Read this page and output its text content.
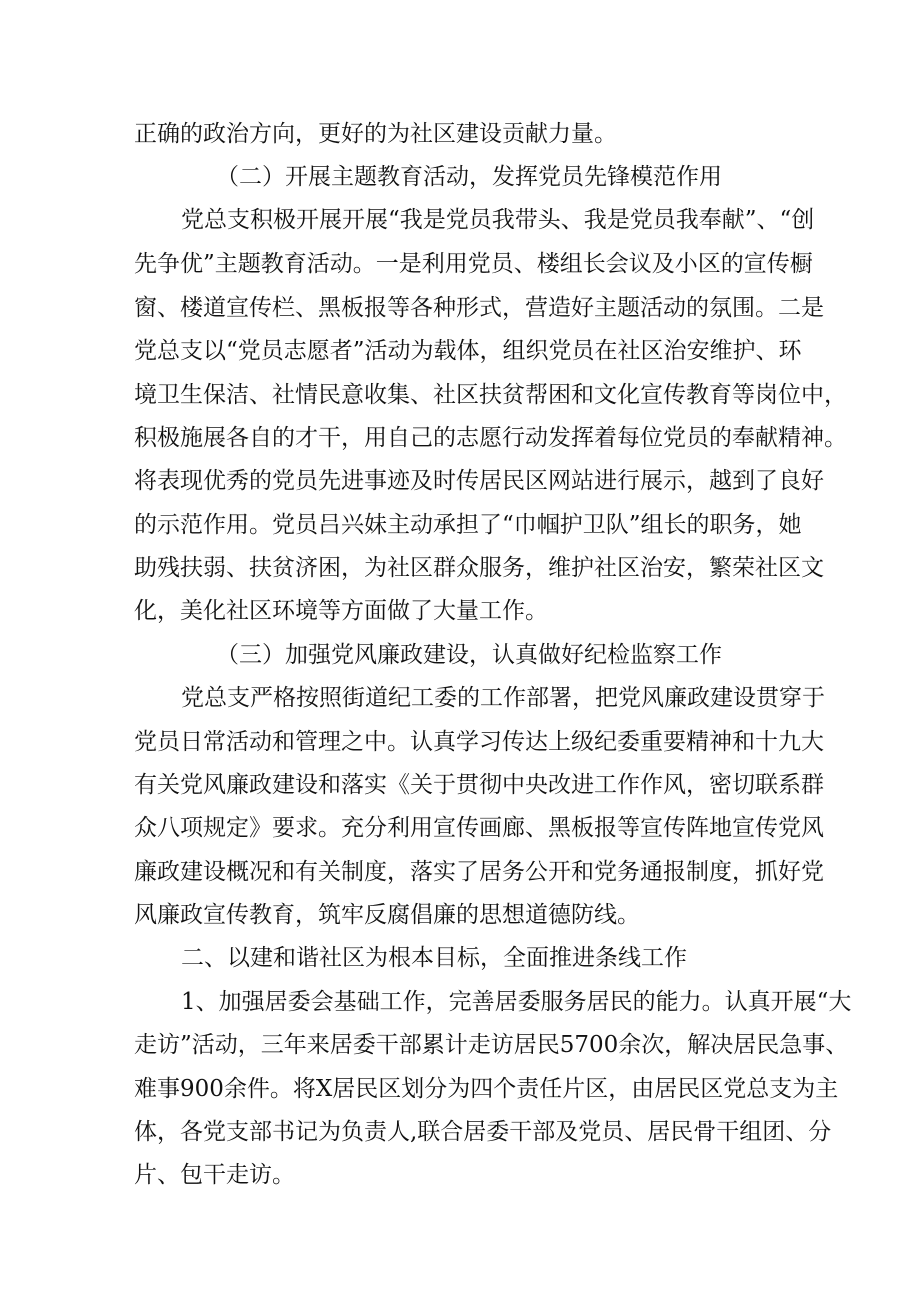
正确的政治方向，更好的为社区建设贡献力量。
（二）开展主题教育活动，发挥党员先锋模范作用
党总支积极开展开展“我是党员我带头、我是党员我奉献”、“创
先争优”主题教育活动。一是利用党员、楼组长会议及小区的宣传橱
窗、楼道宣传栏、黑板报等各种形式，营造好主题活动的氛围。二是
党总支以“党员志愿者”活动为载体，组织党员在社区治安维护、环
境卫生保洁、社情民意收集、社区扶贫帮困和文化宣传教育等岗位中，
积极施展各自的才干，用自己的志愿行动发挥着每位党员的奉献精神。
将表现优秀的党员先进事迹及时传居民区网站进行展示，越到了良好
的示范作用。党员吕兴妹主动承担了“巾帼护卫队”组长的职务，她
助残扶弱、扶贫济困，为社区群众服务，维护社区治安，繁荣社区文
化，美化社区环境等方面做了大量工作。
（三）加强党风廉政建设，认真做好纪检监察工作
党总支严格按照街道纪工委的工作部署，把党风廉政建设贯穿于
党员日常活动和管理之中。认真学习传达上级纪委重要精神和十九大
有关党风廉政建设和落实《关于贯彻中央改进工作作风，密切联系群
众八项规定》要求。充分利用宣传画廊、黑板报等宣传阵地宣传党风
廉政建设概况和有关制度，落实了居务公开和党务通报制度，抓好党
风廉政宣传教育，筑牢反腐倡廉的思想道德防线。
二、以建和谐社区为根本目标，全面推进条线工作
1、加强居委会基础工作，完善居委服务居民的能力。认真开展“大
走访”活动，三年来居委干部累计走访居民5700余次，解决居民急事、
难事900余件。将X居民区划分为四个责任片区，由居民区党总支为主
体，各党支部书记为负责人,联合居委干部及党员、居民骨干组团、分
片、包干走访。
